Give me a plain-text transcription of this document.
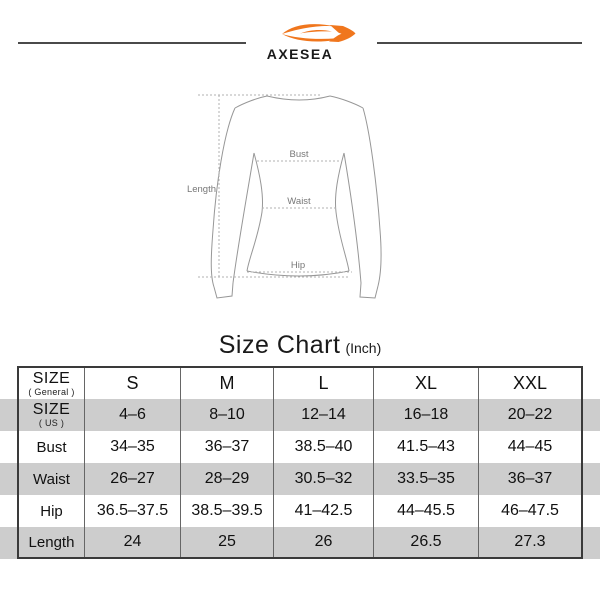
AXESEA
Length
Bust
Waist
Hip
Size Chart (Inch)
SIZE
( General )	S	M	L	XL	XXL
SIZE
( US )	4–6	8–10	12–14	16–18	20–22
Bust	34–35	36–37	38.5–40	41.5–43	44–45
Waist	26–27	28–29	30.5–32	33.5–35	36–37
Hip	36.5–37.5	38.5–39.5	41–42.5	44–45.5	46–47.5
Length	24	25	26	26.5	27.3
